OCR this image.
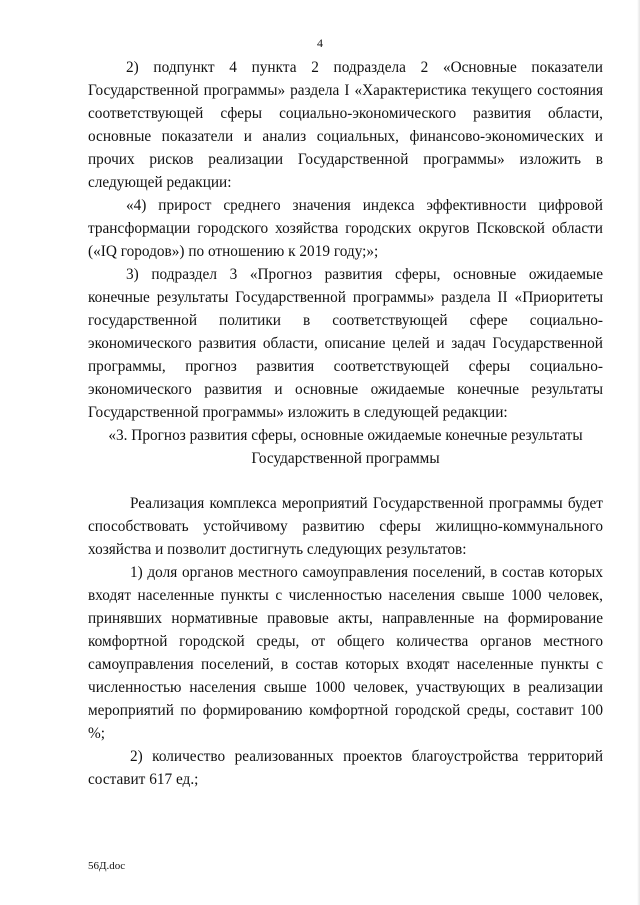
4

2) подпункт 4 пункта 2 подраздела 2 «Основные показатели Государственной программы» раздела I «Характеристика текущего состояния соответствующей сферы социально-экономического развития области, основные показатели и анализ социальных, финансово-экономических и прочих рисков реализации Государственной программы» изложить в следующей редакции:

«4) прирост среднего значения индекса эффективности цифровой трансформации городского хозяйства городских округов Псковской области («IQ городов») по отношению к 2019 году;»;

3) подраздел 3 «Прогноз развития сферы, основные ожидаемые конечные результаты Государственной программы» раздела II «Приоритеты государственной политики в соответствующей сфере социально-экономического развития области, описание целей и задач Государственной программы, прогноз развития соответствующей сферы социально-экономического развития и основные ожидаемые конечные результаты Государственной программы» изложить в следующей редакции:

«3. Прогноз развития сферы, основные ожидаемые конечные результаты Государственной программы

Реализация комплекса мероприятий Государственной программы будет способствовать устойчивому развитию сферы жилищно-коммунального хозяйства и позволит достигнуть следующих результатов:

1) доля органов местного самоуправления поселений, в состав которых входят населенные пункты с численностью населения свыше 1000 человек, принявших нормативные правовые акты, направленные на формирование комфортной городской среды, от общего количества органов местного самоуправления поселений, в состав которых входят населенные пункты с численностью населения свыше 1000 человек, участвующих в реализации мероприятий по формированию комфортной городской среды, составит 100 %;

2) количество реализованных проектов благоустройства территорий составит 617 ед.;

56Д.doc
